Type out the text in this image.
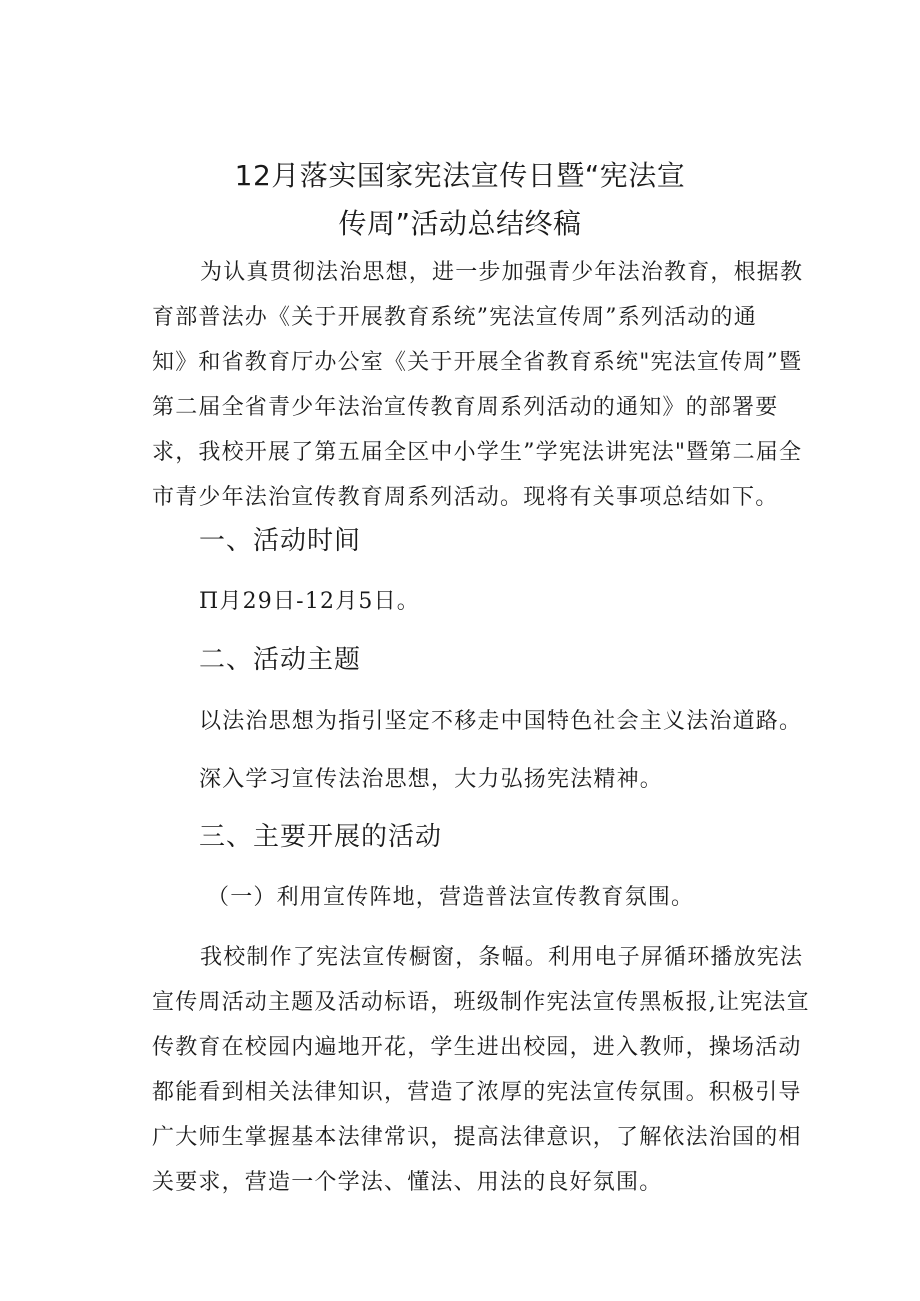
12月落实国家宪法宣传日暨“宪法宣
传周”活动总结终稿

为认真贯彻法治思想，进一步加强青少年法治教育，根据教
育部普法办《关于开展教育系统”宪法宣传周”系列活动的通
知》和省教育厅办公室《关于开展全省教育系统"宪法宣传周”暨
第二届全省青少年法治宣传教育周系列活动的通知》的部署要
求，我校开展了第五届全区中小学生”学宪法讲宪法"暨第二届全
市青少年法治宣传教育周系列活动。现将有关事项总结如下。

一、活动时间

Π月29日-12月5日。

二、活动主题

以法治思想为指引坚定不移走中国特色社会主义法治道路。

深入学习宣传法治思想，大力弘扬宪法精神。

三、主要开展的活动

（一）利用宣传阵地，营造普法宣传教育氛围。

我校制作了宪法宣传橱窗，条幅。利用电子屏循环播放宪法
宣传周活动主题及活动标语，班级制作宪法宣传黑板报,让宪法宣
传教育在校园内遍地开花，学生进出校园，进入教师，操场活动
都能看到相关法律知识，营造了浓厚的宪法宣传氛围。积极引导
广大师生掌握基本法律常识，提高法律意识，了解依法治国的相
关要求，营造一个学法、懂法、用法的良好氛围。
